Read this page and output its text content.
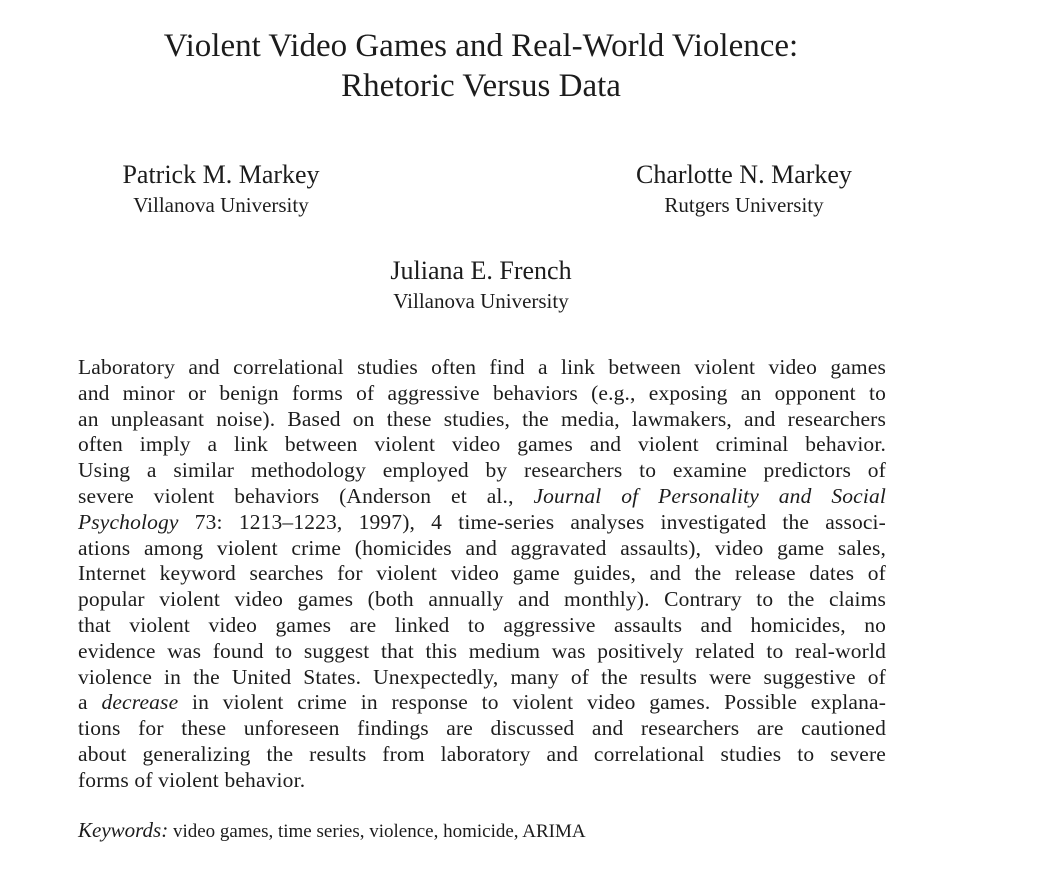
Violent Video Games and Real-World Violence:
Rhetoric Versus Data
Patrick M. Markey
Villanova University
Charlotte N. Markey
Rutgers University
Juliana E. French
Villanova University
Laboratory and correlational studies often find a link between violent video games
and minor or benign forms of aggressive behaviors (e.g., exposing an opponent to
an unpleasant noise). Based on these studies, the media, lawmakers, and researchers
often imply a link between violent video games and violent criminal behavior.
Using a similar methodology employed by researchers to examine predictors of
severe violent behaviors (Anderson et al., Journal of Personality and Social
Psychology 73: 1213–1223, 1997), 4 time-series analyses investigated the associ-
ations among violent crime (homicides and aggravated assaults), video game sales,
Internet keyword searches for violent video game guides, and the release dates of
popular violent video games (both annually and monthly). Contrary to the claims
that violent video games are linked to aggressive assaults and homicides, no
evidence was found to suggest that this medium was positively related to real-world
violence in the United States. Unexpectedly, many of the results were suggestive of
a decrease in violent crime in response to violent video games. Possible explana-
tions for these unforeseen findings are discussed and researchers are cautioned
about generalizing the results from laboratory and correlational studies to severe
forms of violent behavior.

Keywords: video games, time series, violence, homicide, ARIMA
